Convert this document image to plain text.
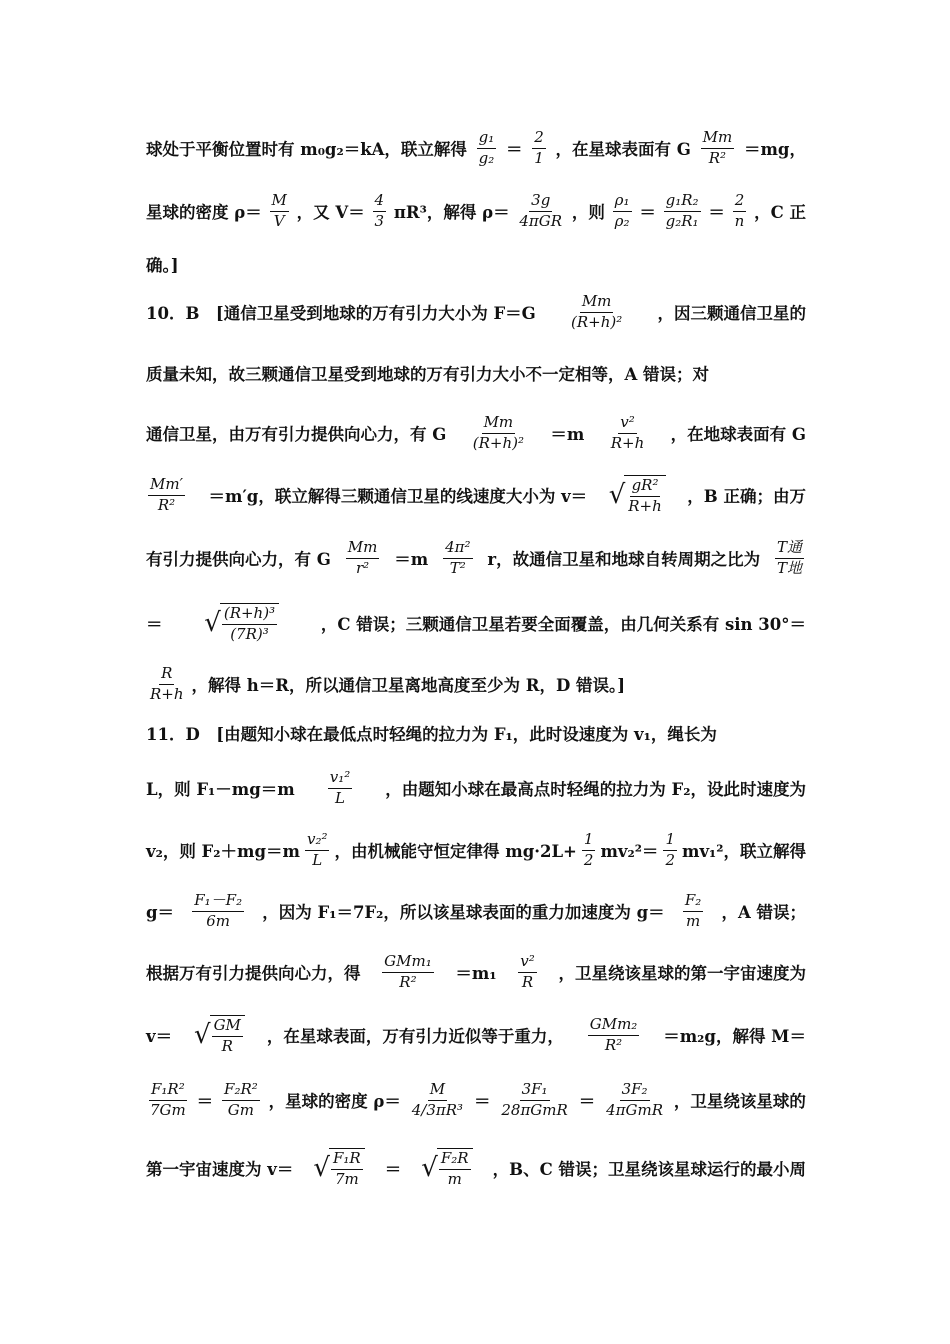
球处于平衡位置时有 m₀g₂＝kA，联立解得 $\frac{\text{g₁}}{\text{g₂}} = \frac{2}{1}$ ，在星球表面有 G $\frac{Mm}{\text{R²}} =mg$，
星球的密度 $\rho= \frac{M}{V}$ ，又 $V= \frac{4}{3} \pi R^3$，解得 $\rho= \frac{3g}{\text{4πGR}}$ ，则 $\frac{\text{ρ₁}}{\text{ρ₂}} = \frac{\text{g₁R₂}}{\text{g₂R₁}} = \frac{2}{n}$ ，C 正
确。]
10．B　[通信卫星受到地球的万有引力大小为 $F=G \frac{Mm}{\text{(R+h)²}}$ ，因三颗通信卫星的
质量未知，故三颗通信卫星受到地球的万有引力大小不一定相等，A 错误；对
通信卫星，由万有引力提供向心力，有 G $\frac{Mm}{\text{(R+h)²}} =m \frac{\text{v²}}{R+h}$ ，在地球表面有 G
$\frac{Mm'}{\text{R²}} =m'g$，联立解得三颗通信卫星的线速度大小为 v＝ √ $\frac{\text{gR²}}{R+h}$ ，B 正确；由万
有引力提供向心力，有 G $\frac{Mm}{\text{r²}} =m \frac{\text{4π²}}{\text{T²}}$ r，故通信卫星和地球自转周期之比为 $\frac{\text{T通}}{\text{T地}}$
＝ √ $\frac{\text{(R+h)³}}{\text{(7R)³}}$	，C 错误；三颗通信卫星若要全面覆盖，由几何关系有 sin 30°＝
$\frac{R}{R+h}$ ，解得 h＝R，所以通信卫星离地高度至少为 R，D 错误。]
11．D　[由题知小球在最低点时轻绳的拉力为 F₁，此时设速度为 v₁，绳长为
L，则 $F_1-mg=m \frac{\text{v₁²}}{L}$ ，由题知小球在最高点时轻绳的拉力为 F₂，设此时速度为
v₂，则 $F_2+mg=m \frac{\text{v₂²}}{L}$ ，由机械能守恒定律得 $mg\cdot 2L+ \frac{1}{2} mv_2^2= \frac{1}{2} mv_1^2$，联立解得
$g= \frac{\text{F₁－F₂}}{6m}$ ，因为 F₁＝7F₂，所以该星球表面的重力加速度为 $g= \frac{\text{F₂}}{m}$ ，A 错误；
根据万有引力提供向心力，得 $\frac{\text{GMm₁}}{\text{R²}} =m_1 \frac{\text{v²}}{R}$ ，卫星绕该星球的第一宇宙速度为
v＝ √ $\frac{GM}{R}$ ，在星球表面，万有引力近似等于重力， $\frac{\text{GMm₂}}{\text{R²}} =m_2g$，解得 M＝
$\frac{\text{F₁R²}}{7Gm} = \frac{\text{F₂R²}}{Gm}$ ，星球的密度 $\rho= \frac{M}{\text{4/3πR³}} = \frac{\text{3F₁}}{\text{28πGmR}} = \frac{\text{3F₂}}{\text{4πGmR}}$ ，卫星绕该星球的
第一宇宙速度为 v＝ √ $\frac{\text{F₁R}}{7m}$ ＝ √ $\frac{\text{F₂R}}{m}$ ，B、C 错误；卫星绕该星球运行的最小周
